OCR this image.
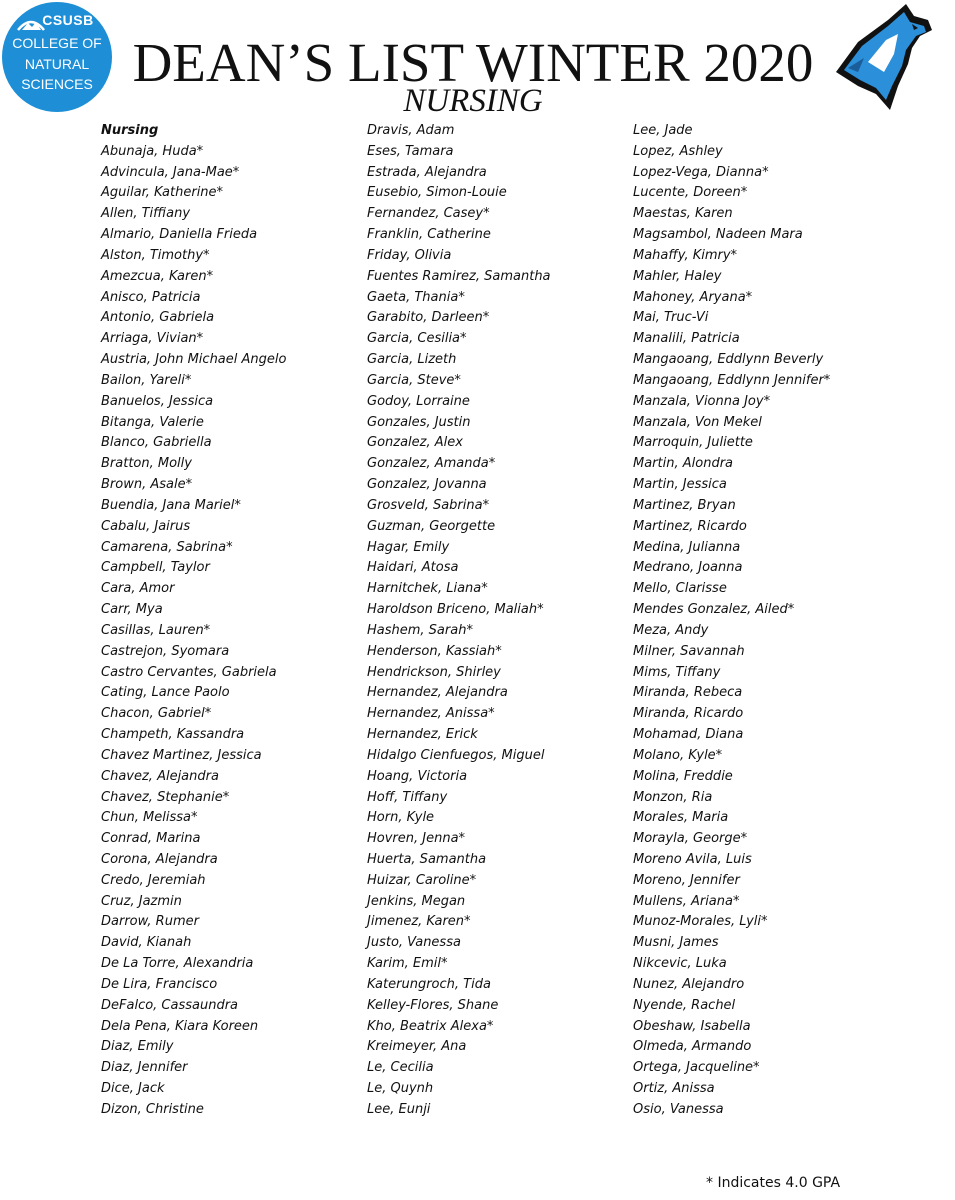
CSUSB
COLLEGE OF
NATURAL
SCIENCES DEAN’S LIST WINTER 2020
NURSING
Nursing
Abunaja, Huda*
Advincula, Jana-Mae*
Aguilar, Katherine*
Allen, Tiffiany
Almario, Daniella Frieda
Alston, Timothy*
Amezcua, Karen*
Anisco, Patricia
Antonio, Gabriela
Arriaga, Vivian*
Austria, John Michael Angelo
Bailon, Yareli*
Banuelos, Jessica
Bitanga, Valerie
Blanco, Gabriella
Bratton, Molly
Brown, Asale*
Buendia, Jana Mariel*
Cabalu, Jairus
Camarena, Sabrina*
Campbell, Taylor
Cara, Amor
Carr, Mya
Casillas, Lauren*
Castrejon, Syomara
Castro Cervantes, Gabriela
Cating, Lance Paolo
Chacon, Gabriel*
Champeth, Kassandra
Chavez Martinez, Jessica
Chavez, Alejandra
Chavez, Stephanie*
Chun, Melissa*
Conrad, Marina
Corona, Alejandra
Credo, Jeremiah
Cruz, Jazmin
Darrow, Rumer
David, Kianah
De La Torre, Alexandria
De Lira, Francisco
DeFalco, Cassaundra
Dela Pena, Kiara Koreen
Diaz, Emily
Diaz, Jennifer
Dice, Jack
Dizon, Christine
Dravis, Adam
Eses, Tamara
Estrada, Alejandra
Eusebio, Simon-Louie
Fernandez, Casey*
Franklin, Catherine
Friday, Olivia
Fuentes Ramirez, Samantha
Gaeta, Thania*
Garabito, Darleen*
Garcia, Cesilia*
Garcia, Lizeth
Garcia, Steve*
Godoy, Lorraine
Gonzales, Justin
Gonzalez, Alex
Gonzalez, Amanda*
Gonzalez, Jovanna
Grosveld, Sabrina*
Guzman, Georgette
Hagar, Emily
Haidari, Atosa
Harnitchek, Liana*
Haroldson Briceno, Maliah*
Hashem, Sarah*
Henderson, Kassiah*
Hendrickson, Shirley
Hernandez, Alejandra
Hernandez, Anissa*
Hernandez, Erick
Hidalgo Cienfuegos, Miguel
Hoang, Victoria
Hoff, Tiffany
Horn, Kyle
Hovren, Jenna*
Huerta, Samantha
Huizar, Caroline*
Jenkins, Megan
Jimenez, Karen*
Justo, Vanessa
Karim, Emil*
Katerungroch, Tida
Kelley-Flores, Shane
Kho, Beatrix Alexa*
Kreimeyer, Ana
Le, Cecilia
Le, Quynh
Lee, Eunji
Lee, Jade
Lopez, Ashley
Lopez-Vega, Dianna*
Lucente, Doreen*
Maestas, Karen
Magsambol, Nadeen Mara
Mahaffy, Kimry*
Mahler, Haley
Mahoney, Aryana*
Mai, Truc-Vi
Manalili, Patricia
Mangaoang, Eddlynn Beverly
Mangaoang, Eddlynn Jennifer*
Manzala, Vionna Joy*
Manzala, Von Mekel
Marroquin, Juliette
Martin, Alondra
Martin, Jessica
Martinez, Bryan
Martinez, Ricardo
Medina, Julianna
Medrano, Joanna
Mello, Clarisse
Mendes Gonzalez, Ailed*
Meza, Andy
Milner, Savannah
Mims, Tiffany
Miranda, Rebeca
Miranda, Ricardo
Mohamad, Diana
Molano, Kyle*
Molina, Freddie
Monzon, Ria
Morales, Maria
Morayla, George*
Moreno Avila, Luis
Moreno, Jennifer
Mullens, Ariana*
Munoz-Morales, Lyli*
Musni, James
Nikcevic, Luka
Nunez, Alejandro
Nyende, Rachel
Obeshaw, Isabella
Olmeda, Armando
Ortega, Jacqueline*
Ortiz, Anissa
Osio, Vanessa
* Indicates 4.0 GPA
